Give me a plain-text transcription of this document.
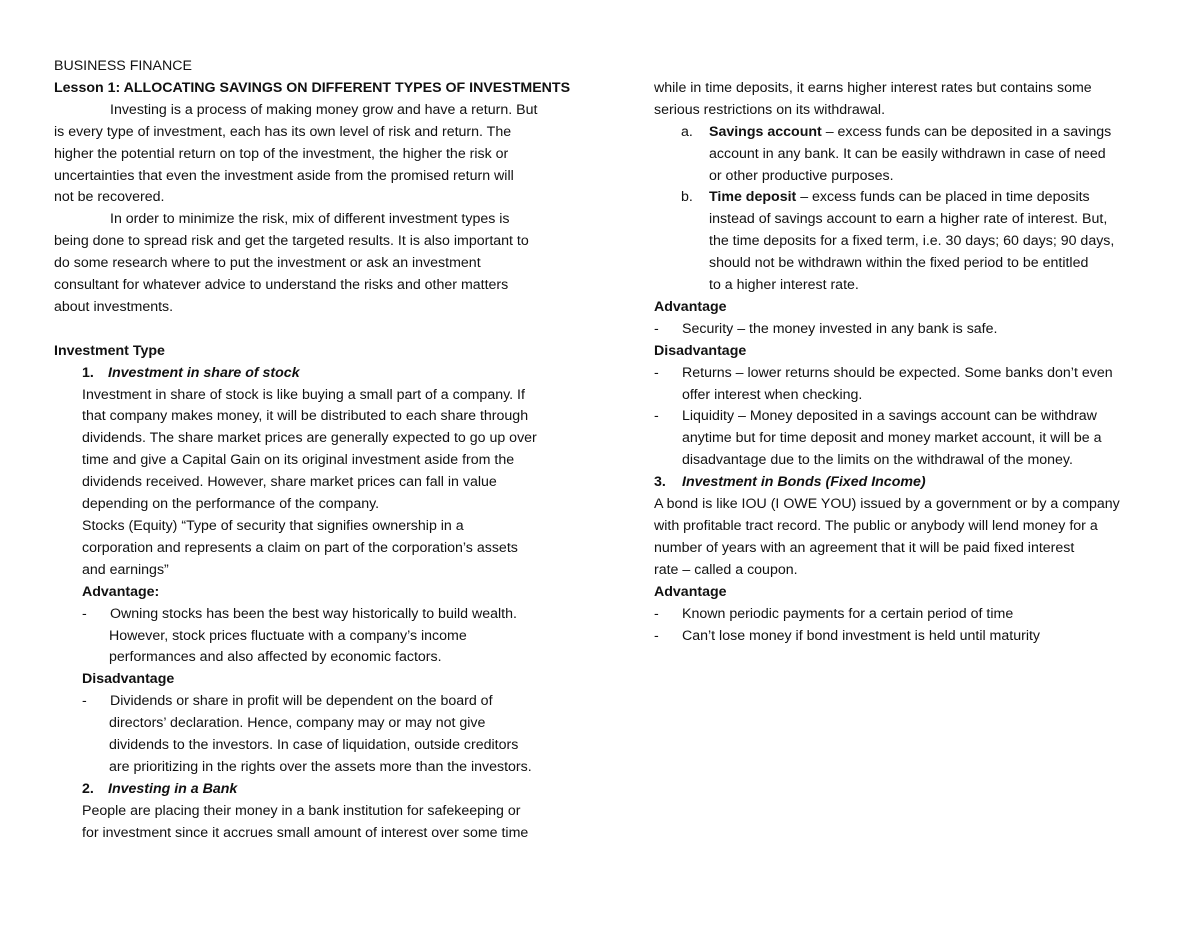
BUSINESS FINANCE
Lesson 1: ALLOCATING SAVINGS ON DIFFERENT TYPES OF INVESTMENTS
Investing is a process of making money grow and have a return. But
is every type of investment, each has its own level of risk and return. The
higher the potential return on top of the investment, the higher the risk or
uncertainties that even the investment aside from the promised return will
not be recovered.
In order to minimize the risk, mix of different investment types is
being done to spread risk and get the targeted results. It is also important to
do some research where to put the investment or ask an investment
consultant for whatever advice to understand the risks and other matters
about investments.
Investment Type
1. Investment in share of stock
Investment in share of stock is like buying a small part of a company. If
that company makes money, it will be distributed to each share through
dividends. The share market prices are generally expected to go up over
time and give a Capital Gain on its original investment aside from the
dividends received. However, share market prices can fall in value
depending on the performance of the company.
Stocks (Equity) “Type of security that signifies ownership in a
corporation and represents a claim on part of the corporation’s assets
and earnings”
Advantage:
-	Owning stocks has been the best way historically to build wealth.
However, stock prices fluctuate with a company’s income
performances and also affected by economic factors.
Disadvantage
-	Dividends or share in profit will be dependent on the board of
directors’ declaration. Hence, company may or may not give
dividends to the investors. In case of liquidation, outside creditors
are prioritizing in the rights over the assets more than the investors.
2. Investing in a Bank
People are placing their money in a bank institution for safekeeping or
for investment since it accrues small amount of interest over some time
while in time deposits, it earns higher interest rates but contains some
serious restrictions on its withdrawal.
a.	Savings account – excess funds can be deposited in a savings
account in any bank. It can be easily withdrawn in case of need
or other productive purposes.
b.	Time deposit – excess funds can be placed in time deposits
instead of savings account to earn a higher rate of interest. But,
the time deposits for a fixed term, i.e. 30 days; 60 days; 90 days,
should not be withdrawn within the fixed period to be entitled
to a higher interest rate.
Advantage
-	Security – the money invested in any bank is safe.
Disadvantage
-	Returns – lower returns should be expected. Some banks don’t even
offer interest when checking.
-	Liquidity – Money deposited in a savings account can be withdraw
anytime but for time deposit and money market account, it will be a
disadvantage due to the limits on the withdrawal of the money.
3.	Investment in Bonds (Fixed Income)
A bond is like IOU (I OWE YOU) issued by a government or by a company
with profitable tract record. The public or anybody will lend money for a
number of years with an agreement that it will be paid fixed interest
rate – called a coupon.
Advantage
-	Known periodic payments for a certain period of time
-	Can’t lose money if bond investment is held until maturity
